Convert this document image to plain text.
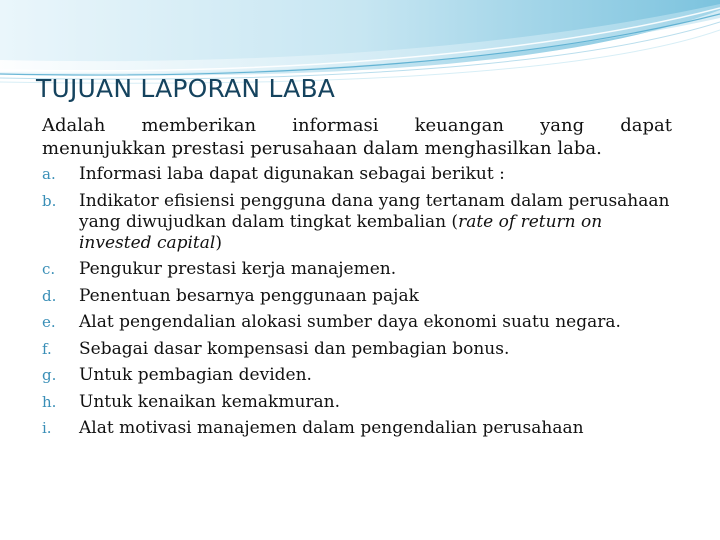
TUJUAN LAPORAN LABA
Adalah memberikan informasi keuangan yang dapat
menunjukkan prestasi perusahaan dalam menghasilkan laba.
a.	Informasi laba dapat digunakan sebagai berikut :
b.	Indikator efisiensi pengguna dana yang tertanam dalam perusahaan yang diwujudkan dalam tingkat kembalian (rate of return on invested capital)
c.	Pengukur prestasi kerja manajemen.
d.	Penentuan besarnya penggunaan pajak
e.	Alat pengendalian alokasi sumber daya ekonomi suatu negara.
f.	Sebagai dasar kompensasi dan pembagian bonus.
g.	Untuk pembagian deviden.
h.	Untuk kenaikan kemakmuran.
i.	Alat motivasi manajemen dalam pengendalian perusahaan
